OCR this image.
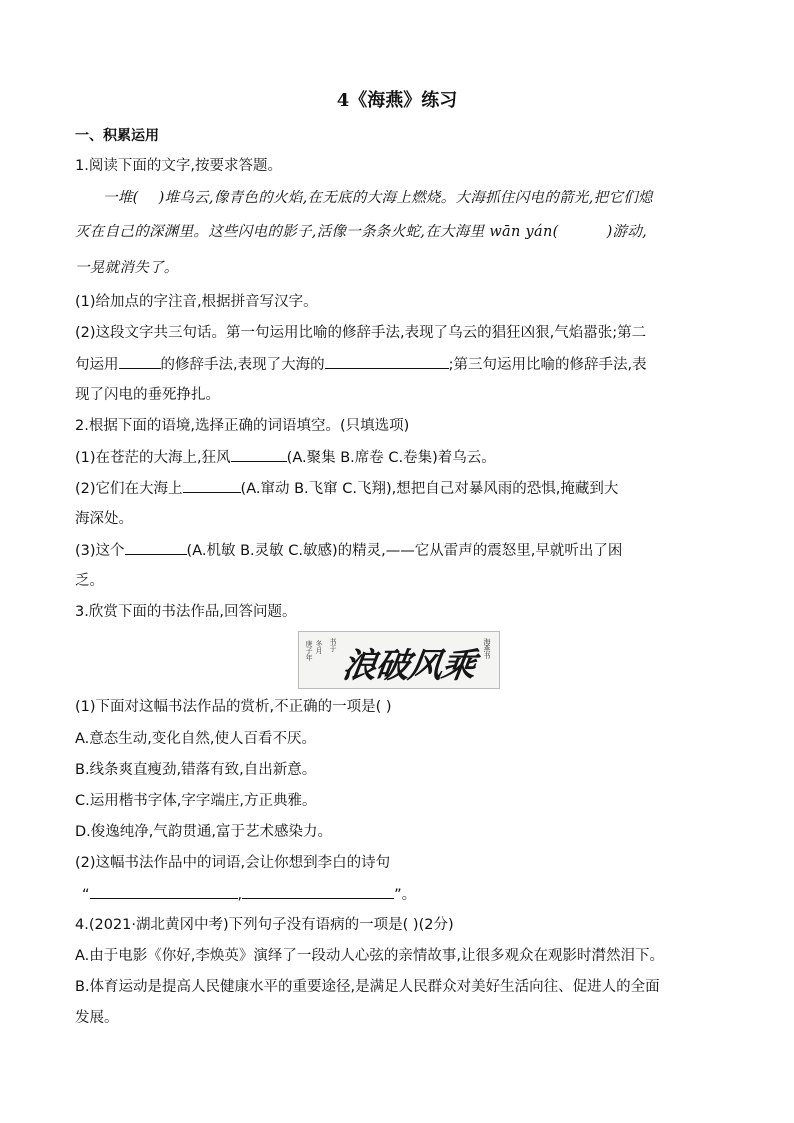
4《海燕》练习
一、积累运用
1.阅读下面的文字,按要求答题。
一堆( )堆乌云,像青色的火焰,在无底的大海上燃烧。大海抓住闪电的箭光,把它们熄
灭在自己的深渊里。这些闪电的影子,活像一条条火蛇,在大海里 wān yán(	)游动,
一晃就消失了。
(1)给加点的字注音,根据拼音写汉字。
(2)这段文字共三句话。第一句运用比喻的修辞手法,表现了乌云的猖狂凶狠,气焰嚣张;第二
句运用	的修辞手法,表现了大海的	;第三句运用比喻的修辞手法,表
现了闪电的垂死挣扎。
2.根据下面的语境,选择正确的词语填空。(只填选项)
(1)在苍茫的大海上,狂风	(A.聚集 B.席卷 C.卷集)着乌云。
(2)它们在大海上	(A.窜动 B.飞窜 C.飞翔),想把自己对暴风雨的恐惧,掩藏到大
海深处。
(3)这个	(A.机敏 B.灵敏 C.敏感)的精灵,——它从雷声的震怒里,早就听出了困
乏。
3.欣赏下面的书法作品,回答问题。
庚子年 冬月 书于
浪破风乘 海燕书
(1)下面对这幅书法作品的赏析,不正确的一项是( )
A.意态生动,变化自然,使人百看不厌。
B.线条爽直瘦劲,错落有致,自出新意。
C.运用楷书字体,字字端庄,方正典雅。
D.俊逸纯净,气韵贯通,富于艺术感染力。
(2)这幅书法作品中的词语,会让你想到李白的诗句
“	,	”。
4.(2021·湖北黄冈中考)下列句子没有语病的一项是( )(2分)
A.由于电影《你好,李焕英》演绎了一段动人心弦的亲情故事,让很多观众在观影时潸然泪下。
B.体育运动是提高人民健康水平的重要途径,是满足人民群众对美好生活向往、促进人的全面
发展。
